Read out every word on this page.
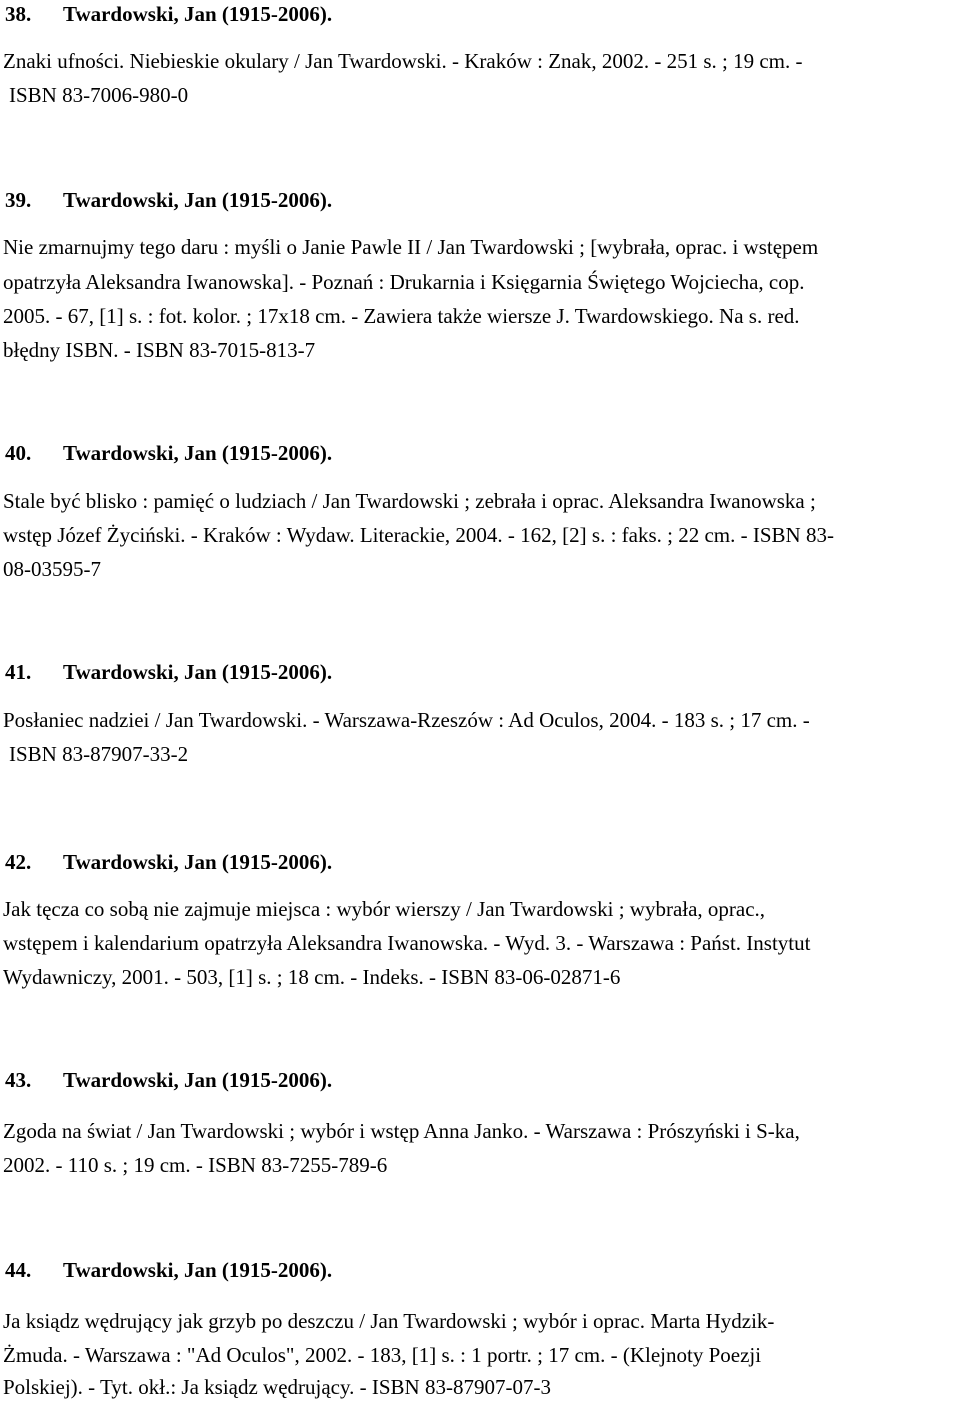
38. Twardowski, Jan (1915-2006).
Znaki ufności. Niebieskie okulary / Jan Twardowski. - Kraków : Znak, 2002. - 251 s. ; 19 cm. -
ISBN 83-7006-980-0
39. Twardowski, Jan (1915-2006).
Nie zmarnujmy tego daru : myśli o Janie Pawle II / Jan Twardowski ; [wybrała, oprac. i wstępem
opatrzyła Aleksandra Iwanowska]. - Poznań : Drukarnia i Księgarnia Świętego Wojciecha, cop.
2005. - 67, [1] s. : fot. kolor. ; 17x18 cm. - Zawiera także wiersze J. Twardowskiego. Na s. red.
błędny ISBN. - ISBN 83-7015-813-7
40. Twardowski, Jan (1915-2006).
Stale być blisko : pamięć o ludziach / Jan Twardowski ; zebrała i oprac. Aleksandra Iwanowska ;
wstęp Józef Życiński. - Kraków : Wydaw. Literackie, 2004. - 162, [2] s. : faks. ; 22 cm. - ISBN 83-
08-03595-7
41. Twardowski, Jan (1915-2006).
Posłaniec nadziei / Jan Twardowski. - Warszawa-Rzeszów : Ad Oculos, 2004. - 183 s. ; 17 cm. -
ISBN 83-87907-33-2
42. Twardowski, Jan (1915-2006).
Jak tęcza co sobą nie zajmuje miejsca : wybór wierszy / Jan Twardowski ; wybrała, oprac.,
wstępem i kalendarium opatrzyła Aleksandra Iwanowska. - Wyd. 3. - Warszawa : Państ. Instytut
Wydawniczy, 2001. - 503, [1] s. ; 18 cm. - Indeks. - ISBN 83-06-02871-6
43. Twardowski, Jan (1915-2006).
Zgoda na świat / Jan Twardowski ; wybór i wstęp Anna Janko. - Warszawa : Prószyński i S-ka,
2002. - 110 s. ; 19 cm. - ISBN 83-7255-789-6
44. Twardowski, Jan (1915-2006).
Ja ksiądz wędrujący jak grzyb po deszczu / Jan Twardowski ; wybór i oprac. Marta Hydzik-
Żmuda. - Warszawa : "Ad Oculos", 2002. - 183, [1] s. : 1 portr. ; 17 cm. - (Klejnoty Poezji
Polskiej). - Tyt. okł.: Ja ksiądz wędrujący. - ISBN 83-87907-07-3
